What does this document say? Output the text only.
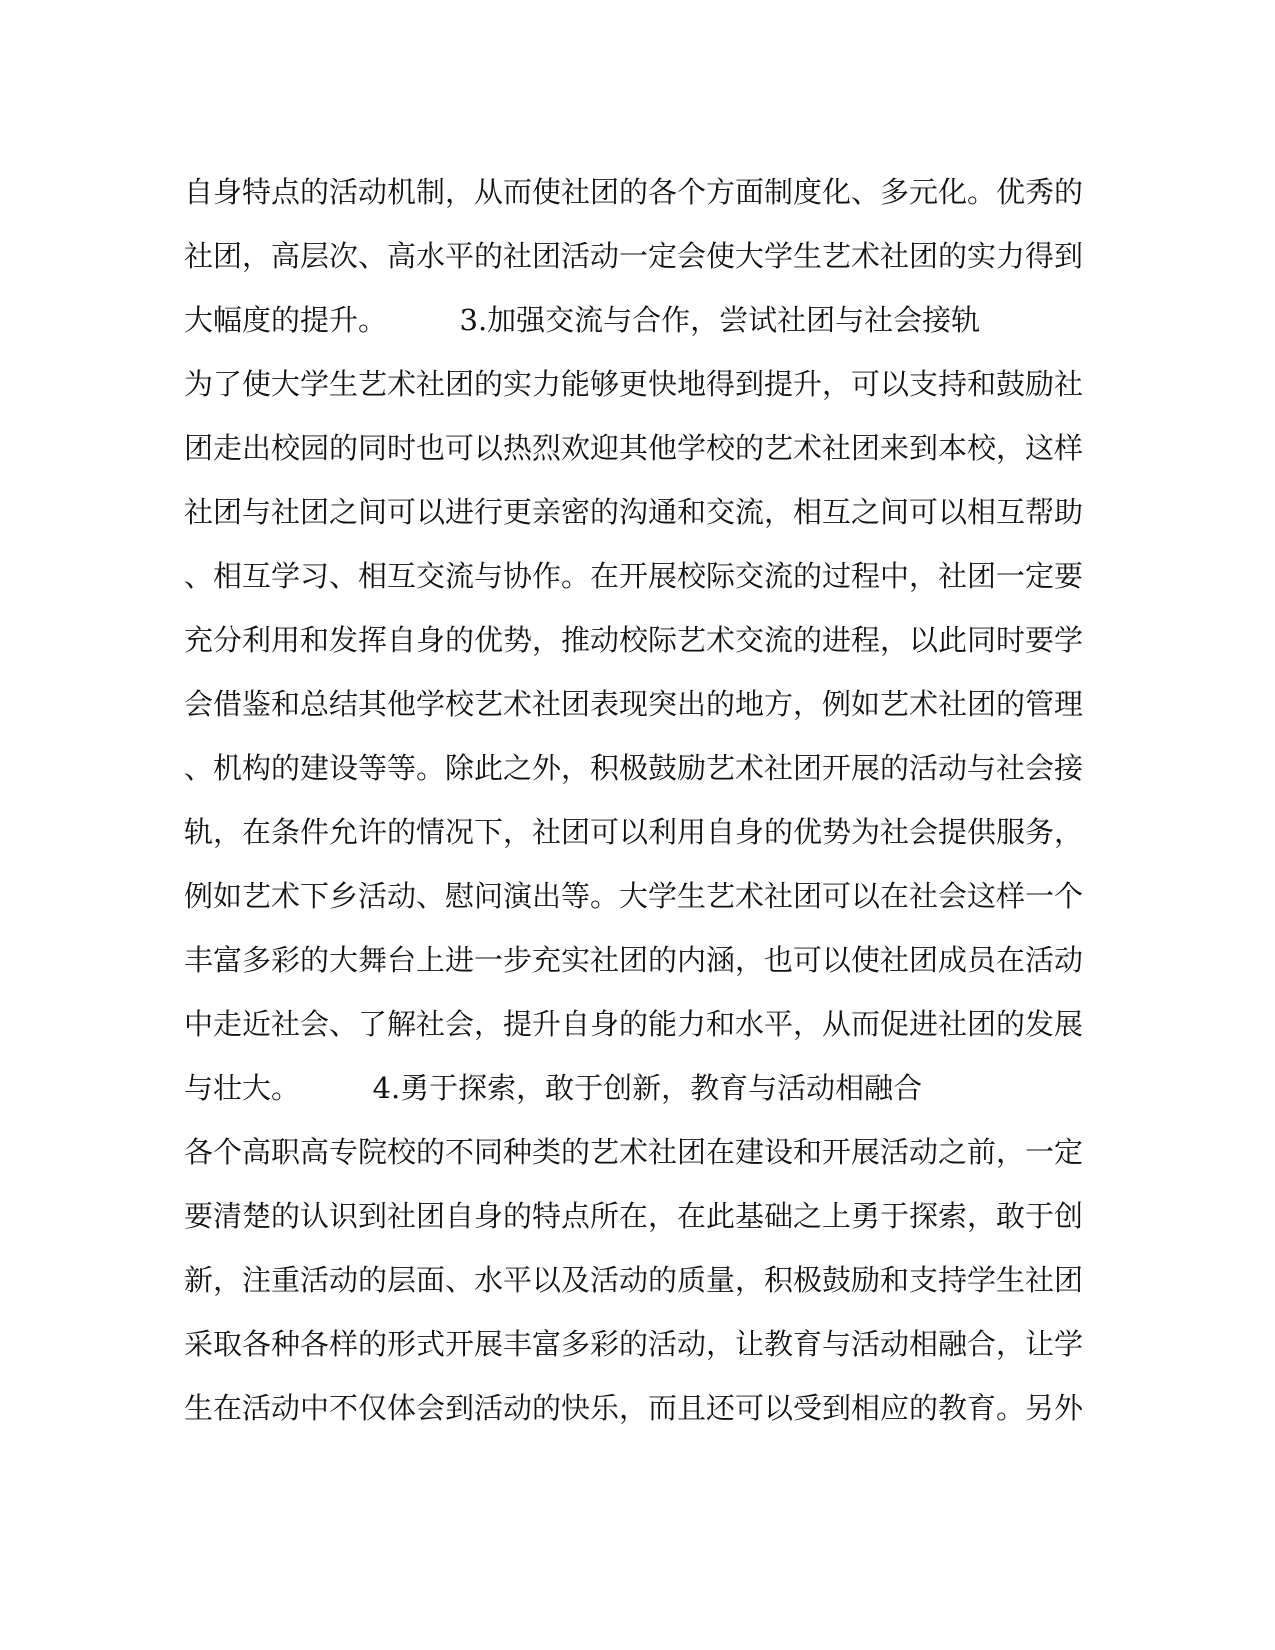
自身特点的活动机制，从而使社团的各个方面制度化、多元化。优秀的
社团，高层次、高水平的社团活动一定会使大学生艺术社团的实力得到
大幅度的提升。　　　3.加强交流与合作，尝试社团与社会接轨
为了使大学生艺术社团的实力能够更快地得到提升，可以支持和鼓励社
团走出校园的同时也可以热烈欢迎其他学校的艺术社团来到本校，这样
社团与社团之间可以进行更亲密的沟通和交流，相互之间可以相互帮助
、相互学习、相互交流与协作。在开展校际交流的过程中，社团一定要
充分利用和发挥自身的优势，推动校际艺术交流的进程，以此同时要学
会借鉴和总结其他学校艺术社团表现突出的地方，例如艺术社团的管理
、机构的建设等等。除此之外，积极鼓励艺术社团开展的活动与社会接
轨，在条件允许的情况下，社团可以利用自身的优势为社会提供服务，
例如艺术下乡活动、慰问演出等。大学生艺术社团可以在社会这样一个
丰富多彩的大舞台上进一步充实社团的内涵，也可以使社团成员在活动
中走近社会、了解社会，提升自身的能力和水平，从而促进社团的发展
与壮大。　　　4.勇于探索，敢于创新，教育与活动相融合
各个高职高专院校的不同种类的艺术社团在建设和开展活动之前，一定
要清楚的认识到社团自身的特点所在，在此基础之上勇于探索，敢于创
新，注重活动的层面、水平以及活动的质量，积极鼓励和支持学生社团
采取各种各样的形式开展丰富多彩的活动，让教育与活动相融合，让学
生在活动中不仅体会到活动的快乐，而且还可以受到相应的教育。另外
